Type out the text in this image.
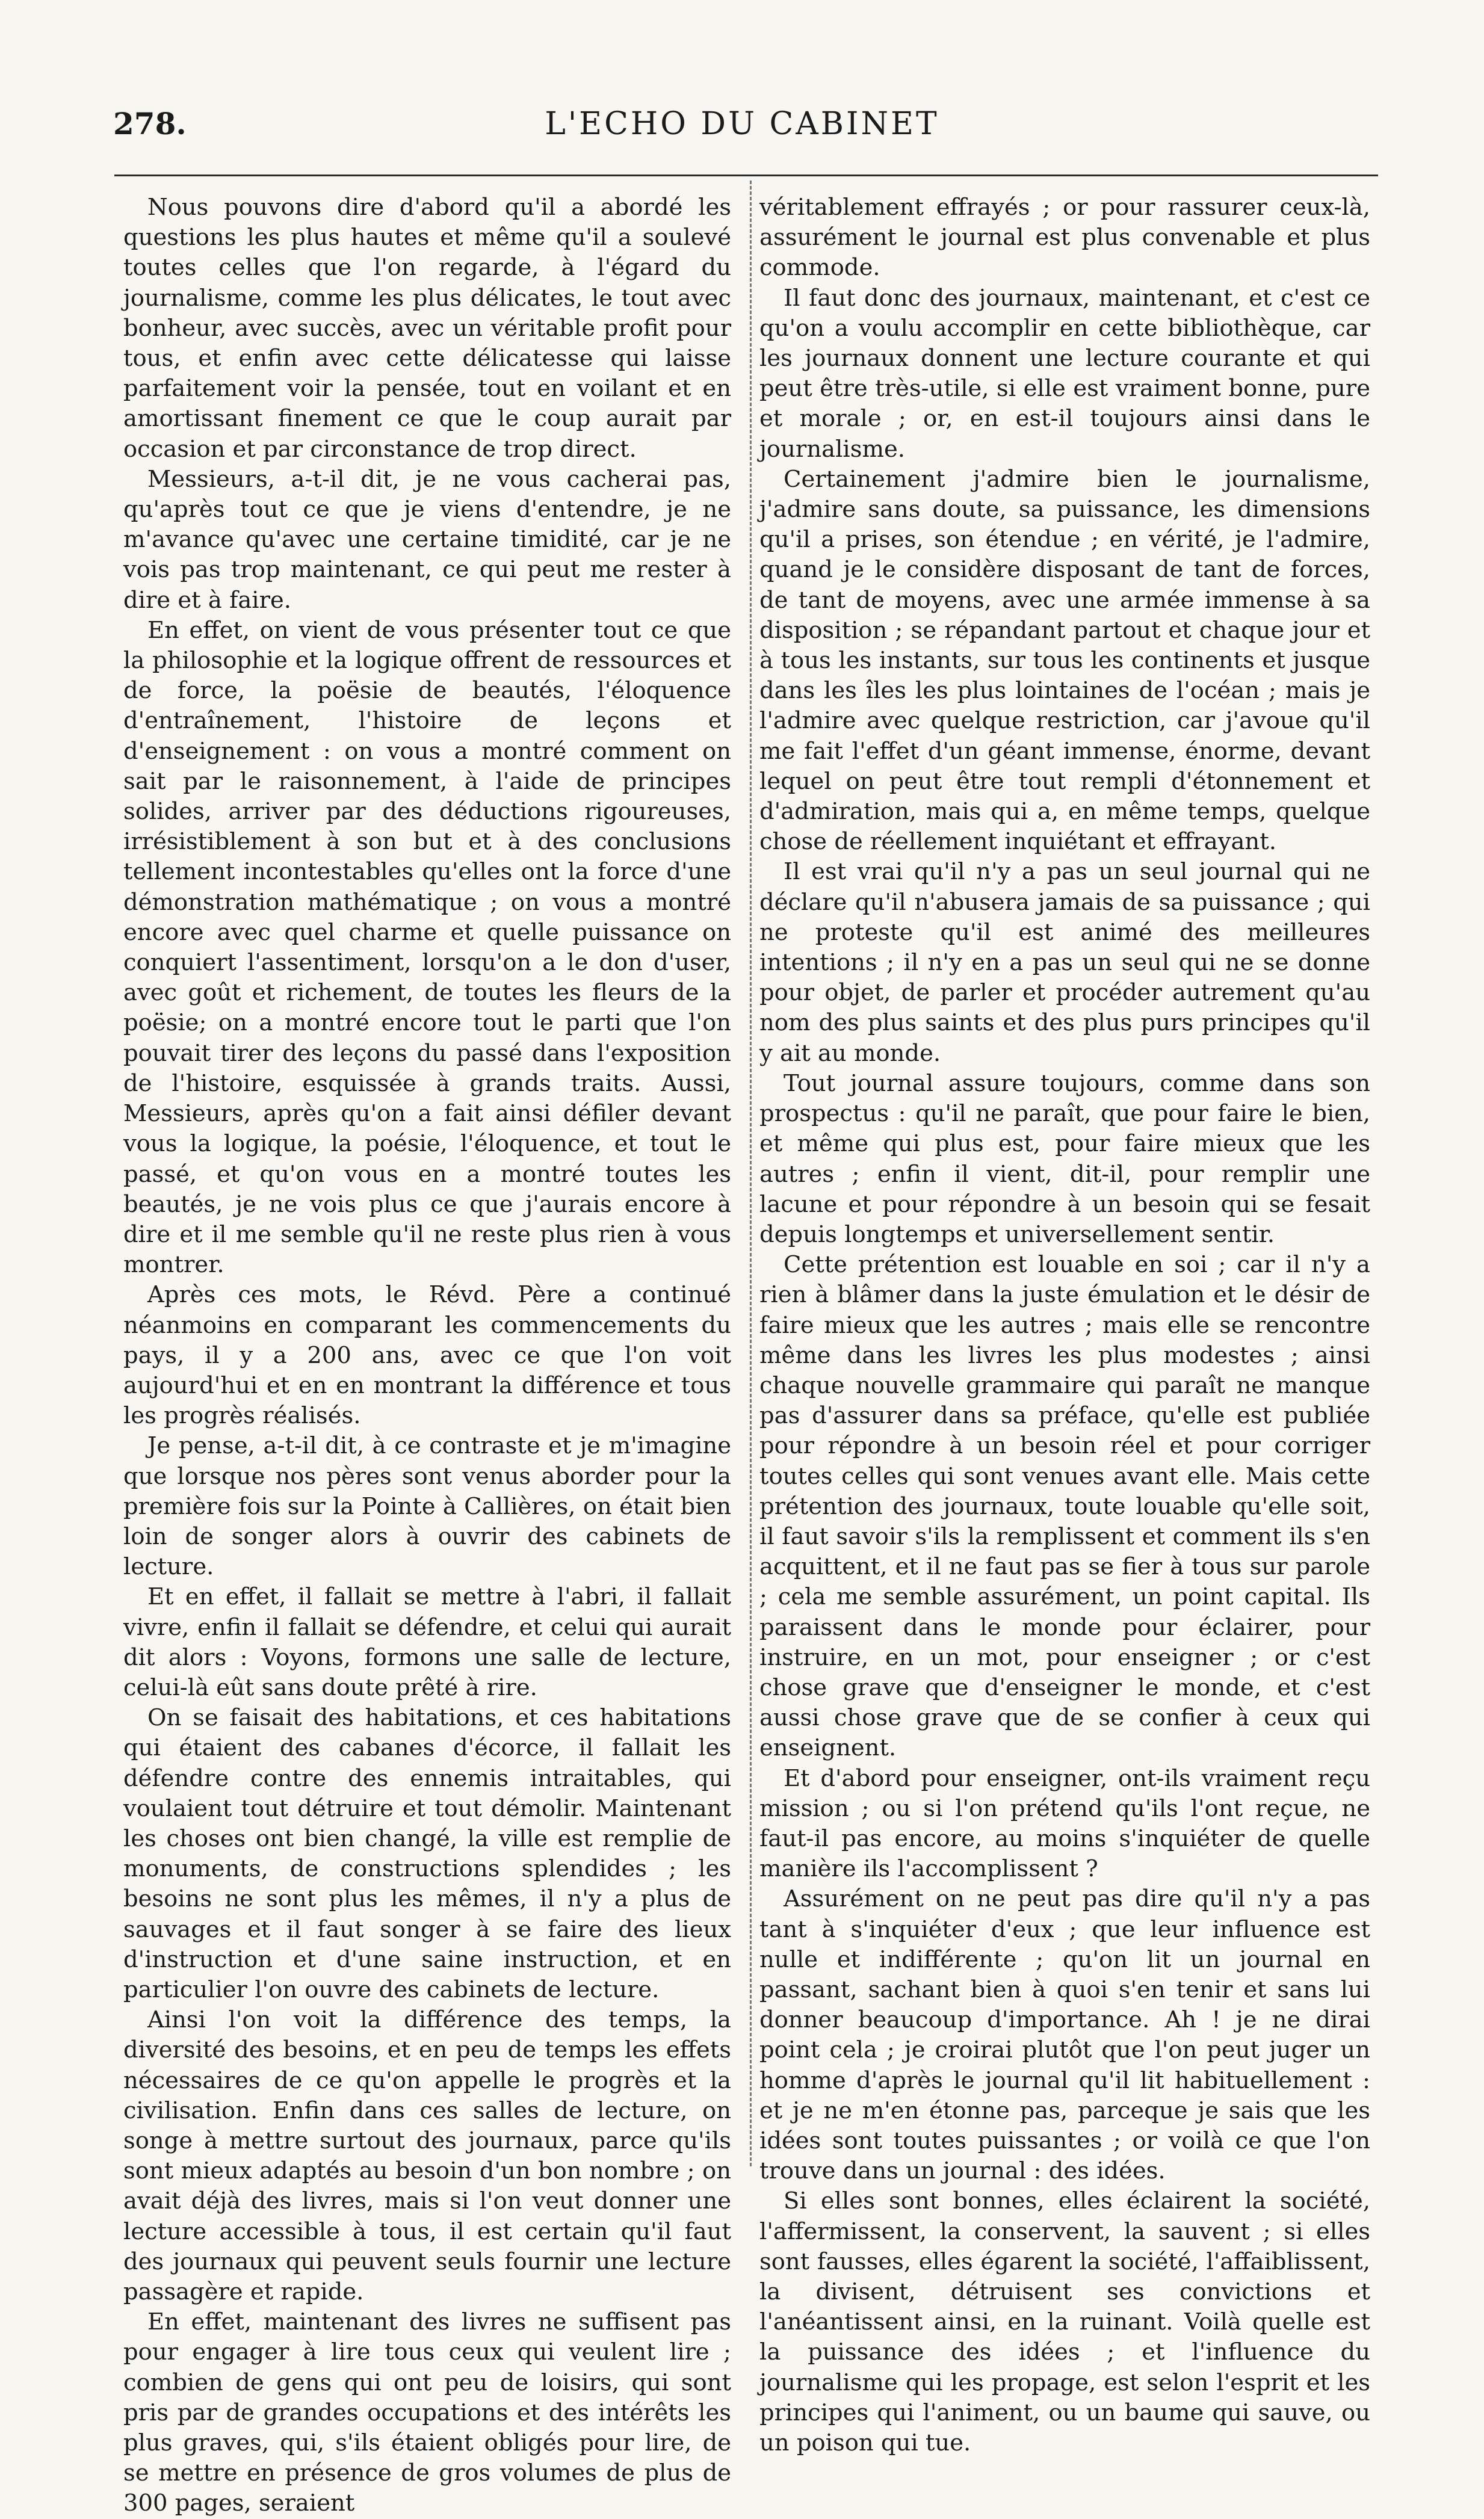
278.	L'ECHO DU CABINET

Nous pouvons dire d'abord qu'il a abordé les questions les plus hautes et même qu'il a soulevé toutes celles que l'on regarde, à l'égard du journalisme, comme les plus délicates, le tout avec bonheur, avec succès, avec un véritable profit pour tous, et enfin avec cette délicatesse qui laisse parfaitement voir la pensée, tout en voilant et en amortissant finement ce que le coup aurait par occasion et par circonstance de trop direct.

Messieurs, a-t-il dit, je ne vous cacherai pas, qu'après tout ce que je viens d'entendre, je ne m'avance qu'avec une certaine timidité, car je ne vois pas trop maintenant, ce qui peut me rester à dire et à faire.

En effet, on vient de vous présenter tout ce que la philosophie et la logique offrent de ressources et de force, la poësie de beautés, l'éloquence d'entraînement, l'histoire de leçons et d'enseignement : on vous a montré comment on sait par le raisonnement, à l'aide de principes solides, arriver par des déductions rigoureuses, irrésistiblement à son but et à des conclusions tellement incontestables qu'elles ont la force d'une démonstration mathématique ; on vous a montré encore avec quel charme et quelle puissance on conquiert l'assentiment, lorsqu'on a le don d'user, avec goût et richement, de toutes les fleurs de la poësie; on a montré encore tout le parti que l'on pouvait tirer des leçons du passé dans l'exposition de l'histoire, esquissée à grands traits. Aussi, Messieurs, après qu'on a fait ainsi défiler devant vous la logique, la poésie, l'éloquence, et tout le passé, et qu'on vous en a montré toutes les beautés, je ne vois plus ce que j'aurais encore à dire et il me semble qu'il ne reste plus rien à vous montrer.

Après ces mots, le Révd. Père a continué néanmoins en comparant les commencements du pays, il y a 200 ans, avec ce que l'on voit aujourd'hui et en en montrant la différence et tous les progrès réalisés.

Je pense, a-t-il dit, à ce contraste et je m'imagine que lorsque nos pères sont venus aborder pour la première fois sur la Pointe à Callières, on était bien loin de songer alors à ouvrir des cabinets de lecture.

Et en effet, il fallait se mettre à l'abri, il fallait vivre, enfin il fallait se défendre, et celui qui aurait dit alors : Voyons, formons une salle de lecture, celui-là eût sans doute prêté à rire.

On se faisait des habitations, et ces habitations qui étaient des cabanes d'écorce, il fallait les défendre contre des ennemis intraitables, qui voulaient tout détruire et tout démolir. Maintenant les choses ont bien changé, la ville est remplie de monuments, de constructions splendides ; les besoins ne sont plus les mêmes, il n'y a plus de sauvages et il faut songer à se faire des lieux d'instruction et d'une saine instruction, et en particulier l'on ouvre des cabinets de lecture.

Ainsi l'on voit la différence des temps, la diversité des besoins, et en peu de temps les effets nécessaires de ce qu'on appelle le progrès et la civilisation. Enfin dans ces salles de lecture, on songe à mettre surtout des journaux, parce qu'ils sont mieux adaptés au besoin d'un bon nombre ; on avait déjà des livres, mais si l'on veut donner une lecture accessible à tous, il est certain qu'il faut des journaux qui peuvent seuls fournir une lecture passagère et rapide.

En effet, maintenant des livres ne suffisent pas pour engager à lire tous ceux qui veulent lire ; combien de gens qui ont peu de loisirs, qui sont pris par de grandes occupations et des intérêts les plus graves, qui, s'ils étaient obligés pour lire, de se mettre en présence de gros volumes de plus de 300 pages, seraient

véritablement effrayés ; or pour rassurer ceux-là, assurément le journal est plus convenable et plus commode.

Il faut donc des journaux, maintenant, et c'est ce qu'on a voulu accomplir en cette bibliothèque, car les journaux donnent une lecture courante et qui peut être très-utile, si elle est vraiment bonne, pure et morale ; or, en est-il toujours ainsi dans le journalisme.

Certainement j'admire bien le journalisme, j'admire sans doute, sa puissance, les dimensions qu'il a prises, son étendue ; en vérité, je l'admire, quand je le considère disposant de tant de forces, de tant de moyens, avec une armée immense à sa disposition ; se répandant partout et chaque jour et à tous les instants, sur tous les continents et jusque dans les îles les plus lointaines de l'océan ; mais je l'admire avec quelque restriction, car j'avoue qu'il me fait l'effet d'un géant immense, énorme, devant lequel on peut être tout rempli d'étonnement et d'admiration, mais qui a, en même temps, quelque chose de réellement inquiétant et effrayant.

Il est vrai qu'il n'y a pas un seul journal qui ne déclare qu'il n'abusera jamais de sa puissance ; qui ne proteste qu'il est animé des meilleures intentions ; il n'y en a pas un seul qui ne se donne pour objet, de parler et procéder autrement qu'au nom des plus saints et des plus purs principes qu'il y ait au monde.

Tout journal assure toujours, comme dans son prospectus : qu'il ne paraît, que pour faire le bien, et même qui plus est, pour faire mieux que les autres ; enfin il vient, dit-il, pour remplir une lacune et pour répondre à un besoin qui se fesait depuis longtemps et universellement sentir.

Cette prétention est louable en soi ; car il n'y a rien à blâmer dans la juste émulation et le désir de faire mieux que les autres ; mais elle se rencontre même dans les livres les plus modestes ; ainsi chaque nouvelle grammaire qui paraît ne manque pas d'assurer dans sa préface, qu'elle est publiée pour répondre à un besoin réel et pour corriger toutes celles qui sont venues avant elle. Mais cette prétention des journaux, toute louable qu'elle soit, il faut savoir s'ils la remplissent et comment ils s'en acquittent, et il ne faut pas se fier à tous sur parole ; cela me semble assurément, un point capital. Ils paraissent dans le monde pour éclairer, pour instruire, en un mot, pour enseigner ; or c'est chose grave que d'enseigner le monde, et c'est aussi chose grave que de se confier à ceux qui enseignent.

Et d'abord pour enseigner, ont-ils vraiment reçu mission ; ou si l'on prétend qu'ils l'ont reçue, ne faut-il pas encore, au moins s'inquiéter de quelle manière ils l'accomplissent ?

Assurément on ne peut pas dire qu'il n'y a pas tant à s'inquiéter d'eux ; que leur influence est nulle et indifférente ; qu'on lit un journal en passant, sachant bien à quoi s'en tenir et sans lui donner beaucoup d'importance. Ah ! je ne dirai point cela ; je croirai plutôt que l'on peut juger un homme d'après le journal qu'il lit habituellement : et je ne m'en étonne pas, parceque je sais que les idées sont toutes puissantes ; or voilà ce que l'on trouve dans un journal : des idées.

Si elles sont bonnes, elles éclairent la société, l'affermissent, la conservent, la sauvent ; si elles sont fausses, elles égarent la société, l'affaiblissent, la divisent, détruisent ses convictions et l'anéantissent ainsi, en la ruinant. Voilà quelle est la puissance des idées ; et l'influence du journalisme qui les propage, est selon l'esprit et les principes qui l'animent, ou un baume qui sauve, ou un poison qui tue.
